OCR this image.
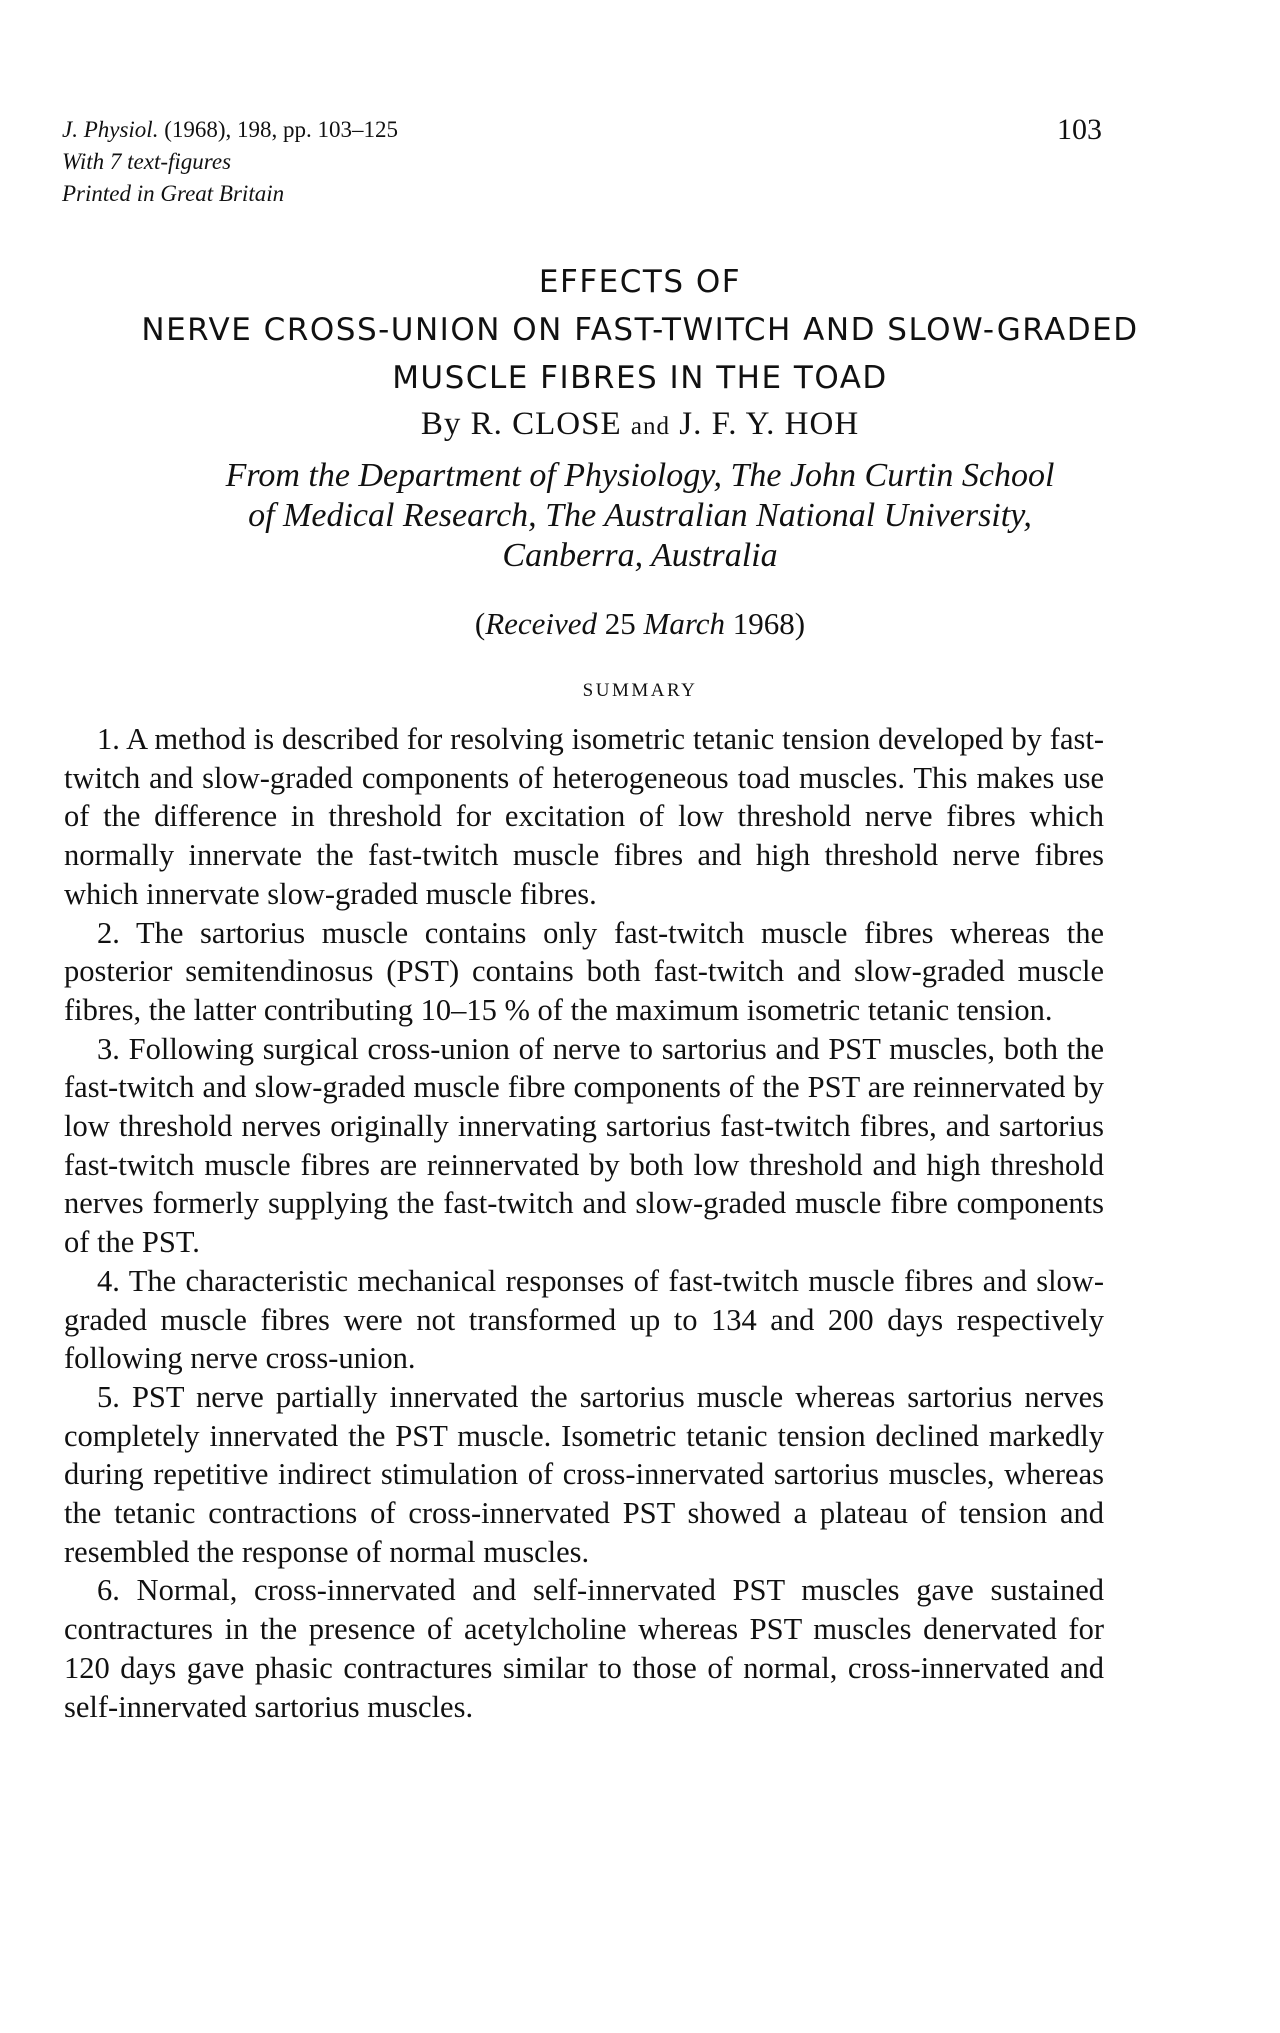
J. Physiol. (1968), 198, pp. 103–125
With 7 text-figures
Printed in Great Britain
103
EFFECTS OF
NERVE CROSS-UNION ON FAST-TWITCH AND SLOW-GRADED
MUSCLE FIBRES IN THE TOAD
By R. CLOSE and J. F. Y. HOH
From the Department of Physiology, The John Curtin School
of Medical Research, The Australian National University,
Canberra, Australia
(Received 25 March 1968)
SUMMARY

1. A method is described for resolving isometric tetanic tension developed by fast-twitch and slow-graded components of heterogeneous toad muscles. This makes use of the difference in threshold for excitation of low threshold nerve fibres which normally innervate the fast-twitch muscle fibres and high threshold nerve fibres which innervate slow-graded muscle fibres.

2. The sartorius muscle contains only fast-twitch muscle fibres whereas the posterior semitendinosus (PST) contains both fast-twitch and slow-graded muscle fibres, the latter contributing 10–15 % of the maximum isometric tetanic tension.

3. Following surgical cross-union of nerve to sartorius and PST muscles, both the fast-twitch and slow-graded muscle fibre components of the PST are reinnervated by low threshold nerves originally innervating sartorius fast-twitch fibres, and sartorius fast-twitch muscle fibres are reinnervated by both low threshold and high threshold nerves formerly supplying the fast-twitch and slow-graded muscle fibre components of the PST.

4. The characteristic mechanical responses of fast-twitch muscle fibres and slow-graded muscle fibres were not transformed up to 134 and 200 days respectively following nerve cross-union.

5. PST nerve partially innervated the sartorius muscle whereas sartorius nerves completely innervated the PST muscle. Isometric tetanic tension declined markedly during repetitive indirect stimulation of cross-innervated sartorius muscles, whereas the tetanic contractions of cross-innervated PST showed a plateau of tension and resembled the response of normal muscles.

6. Normal, cross-innervated and self-innervated PST muscles gave sustained contractures in the presence of acetylcholine whereas PST muscles denervated for 120 days gave phasic contractures similar to those of normal, cross-innervated and self-innervated sartorius muscles.
